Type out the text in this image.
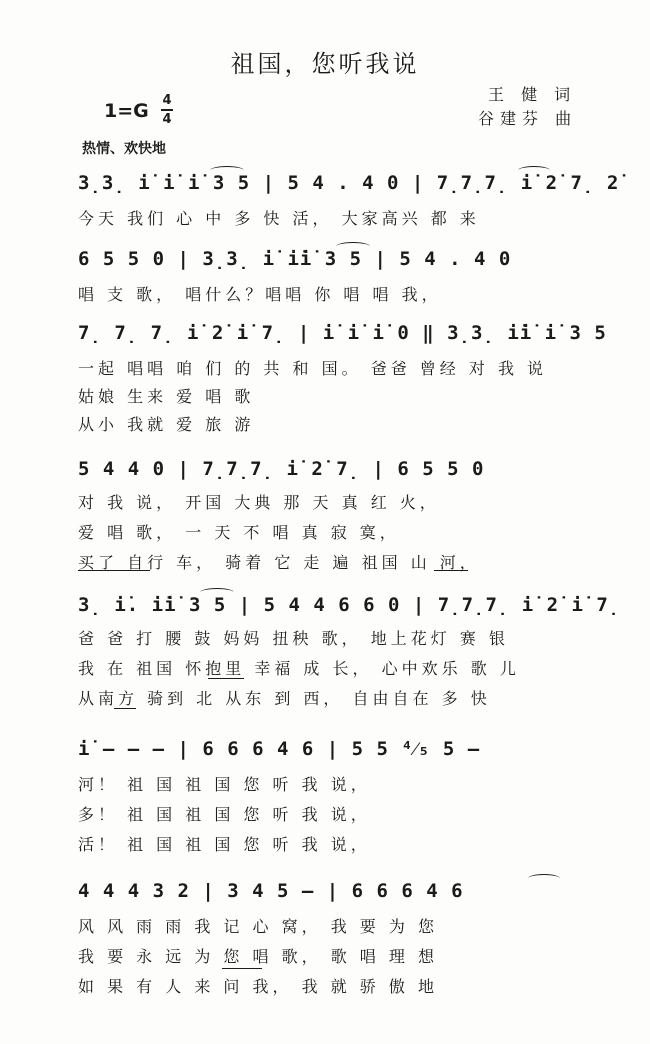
祖国，您听我说
王 健 词
谷建芬 曲
1=G 4
4
热情、欢快地
3̣3̣ i̇ i̇ i̇ 3 5 | 5 4 . 4 0 | 7̣7̣7̣ i̇ 2̇ 7̣ 2̇
今天 我们 心 中 多 快 活， 大家高兴 都 来
6 5 5 0 | 3̣3̣ i̇ i̇i̇ 3 5 | 5 4 . 4 0
唱 支 歌， 唱什么？唱唱 你 唱 唱 我，
7̣ 7̣ 7̣ i̇ 2̇ i̇ 7̣ | i̇ i̇ i̇ 0 ‖ 3̣3̣ i̇i̇ i̇ 3 5
一起 唱唱 咱 们 的 共 和 国。 爸爸 曾经 对 我 说
姑娘 生来 爱 唱 歌
从小 我就 爱 旅 游
5 4 4 0 | 7̣7̣7̣ i̇ 2̇ 7̣ | 6 5 5 0
对 我 说， 开国 大典 那 天 真 红 火，
爱 唱 歌， 一 天 不 唱 真 寂 寞，
买了 自行 车， 骑着 它 走 遍 祖国 山 河，
3̣ i̇. i̇i̇ 3 5 | 5 4 4 6 6 0 | 7̣7̣7̣ i̇ 2̇ i̇ 7̣
爸 爸 打 腰 鼓 妈妈 扭秧 歌， 地上花灯 赛 银
我 在 祖国 怀抱里 幸福 成 长， 心中欢乐 歌 儿
从南方 骑到 北 从东 到 西， 自由自在 多 快
i̇ — — — | 6 6 6 4 6 | 5 5 ⁴⁄₅ 5 —
河！ 祖 国 祖 国 您 听 我 说，
多！ 祖 国 祖 国 您 听 我 说，
活！ 祖 国 祖 国 您 听 我 说，
4 4 4 3 2 | 3 4 5 — | 6 6 6 4 6
风 风 雨 雨 我 记 心 窝， 我 要 为 您
我 要 永 远 为 您 唱 歌， 歌 唱 理 想
如 果 有 人 来 问 我， 我 就 骄 傲 地
